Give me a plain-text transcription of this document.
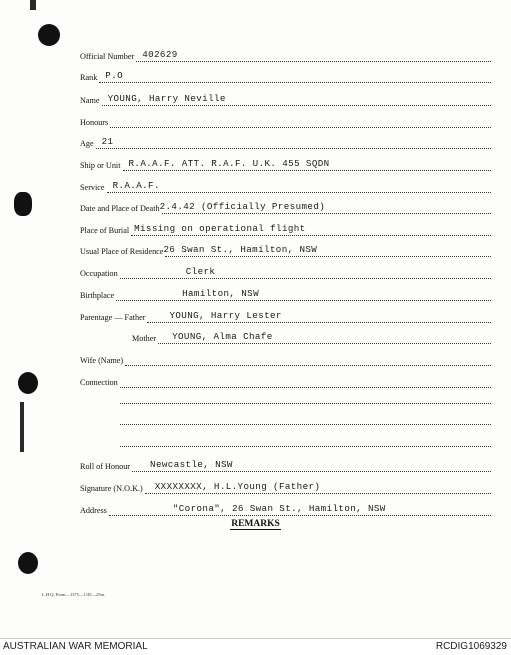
Official Number 402629
Rank P.O
Name YOUNG, Harry Neville
Honours
Age 21
Ship or Unit R.A.A.F. ATT. R.A.F. U.K. 455 SQDN
Service R.A.A.F.
Date and Place of Death 2.4.42 (Officially Presumed)
Place of Burial Missing on operational flight
Usual Place of Residence 26 Swan St., Hamilton, NSW
Occupation	Clerk
Birthplace	Hamilton, NSW
Parentage — Father	YOUNG, Harry Lester
Mother YOUNG, Alma Chafe
Wife (Name)
Connection
Roll of Honour Newcastle, NSW
Signature (N.O.K.) XXXXXXXX, H.L.Young (Father)
Address	"Corona", 26 Swan St., Hamilton, NSW
REMARKS
L.H.Q. Form—1375—1/45—25m.
AUSTRALIAN WAR MEMORIAL	RCDIG1069329
